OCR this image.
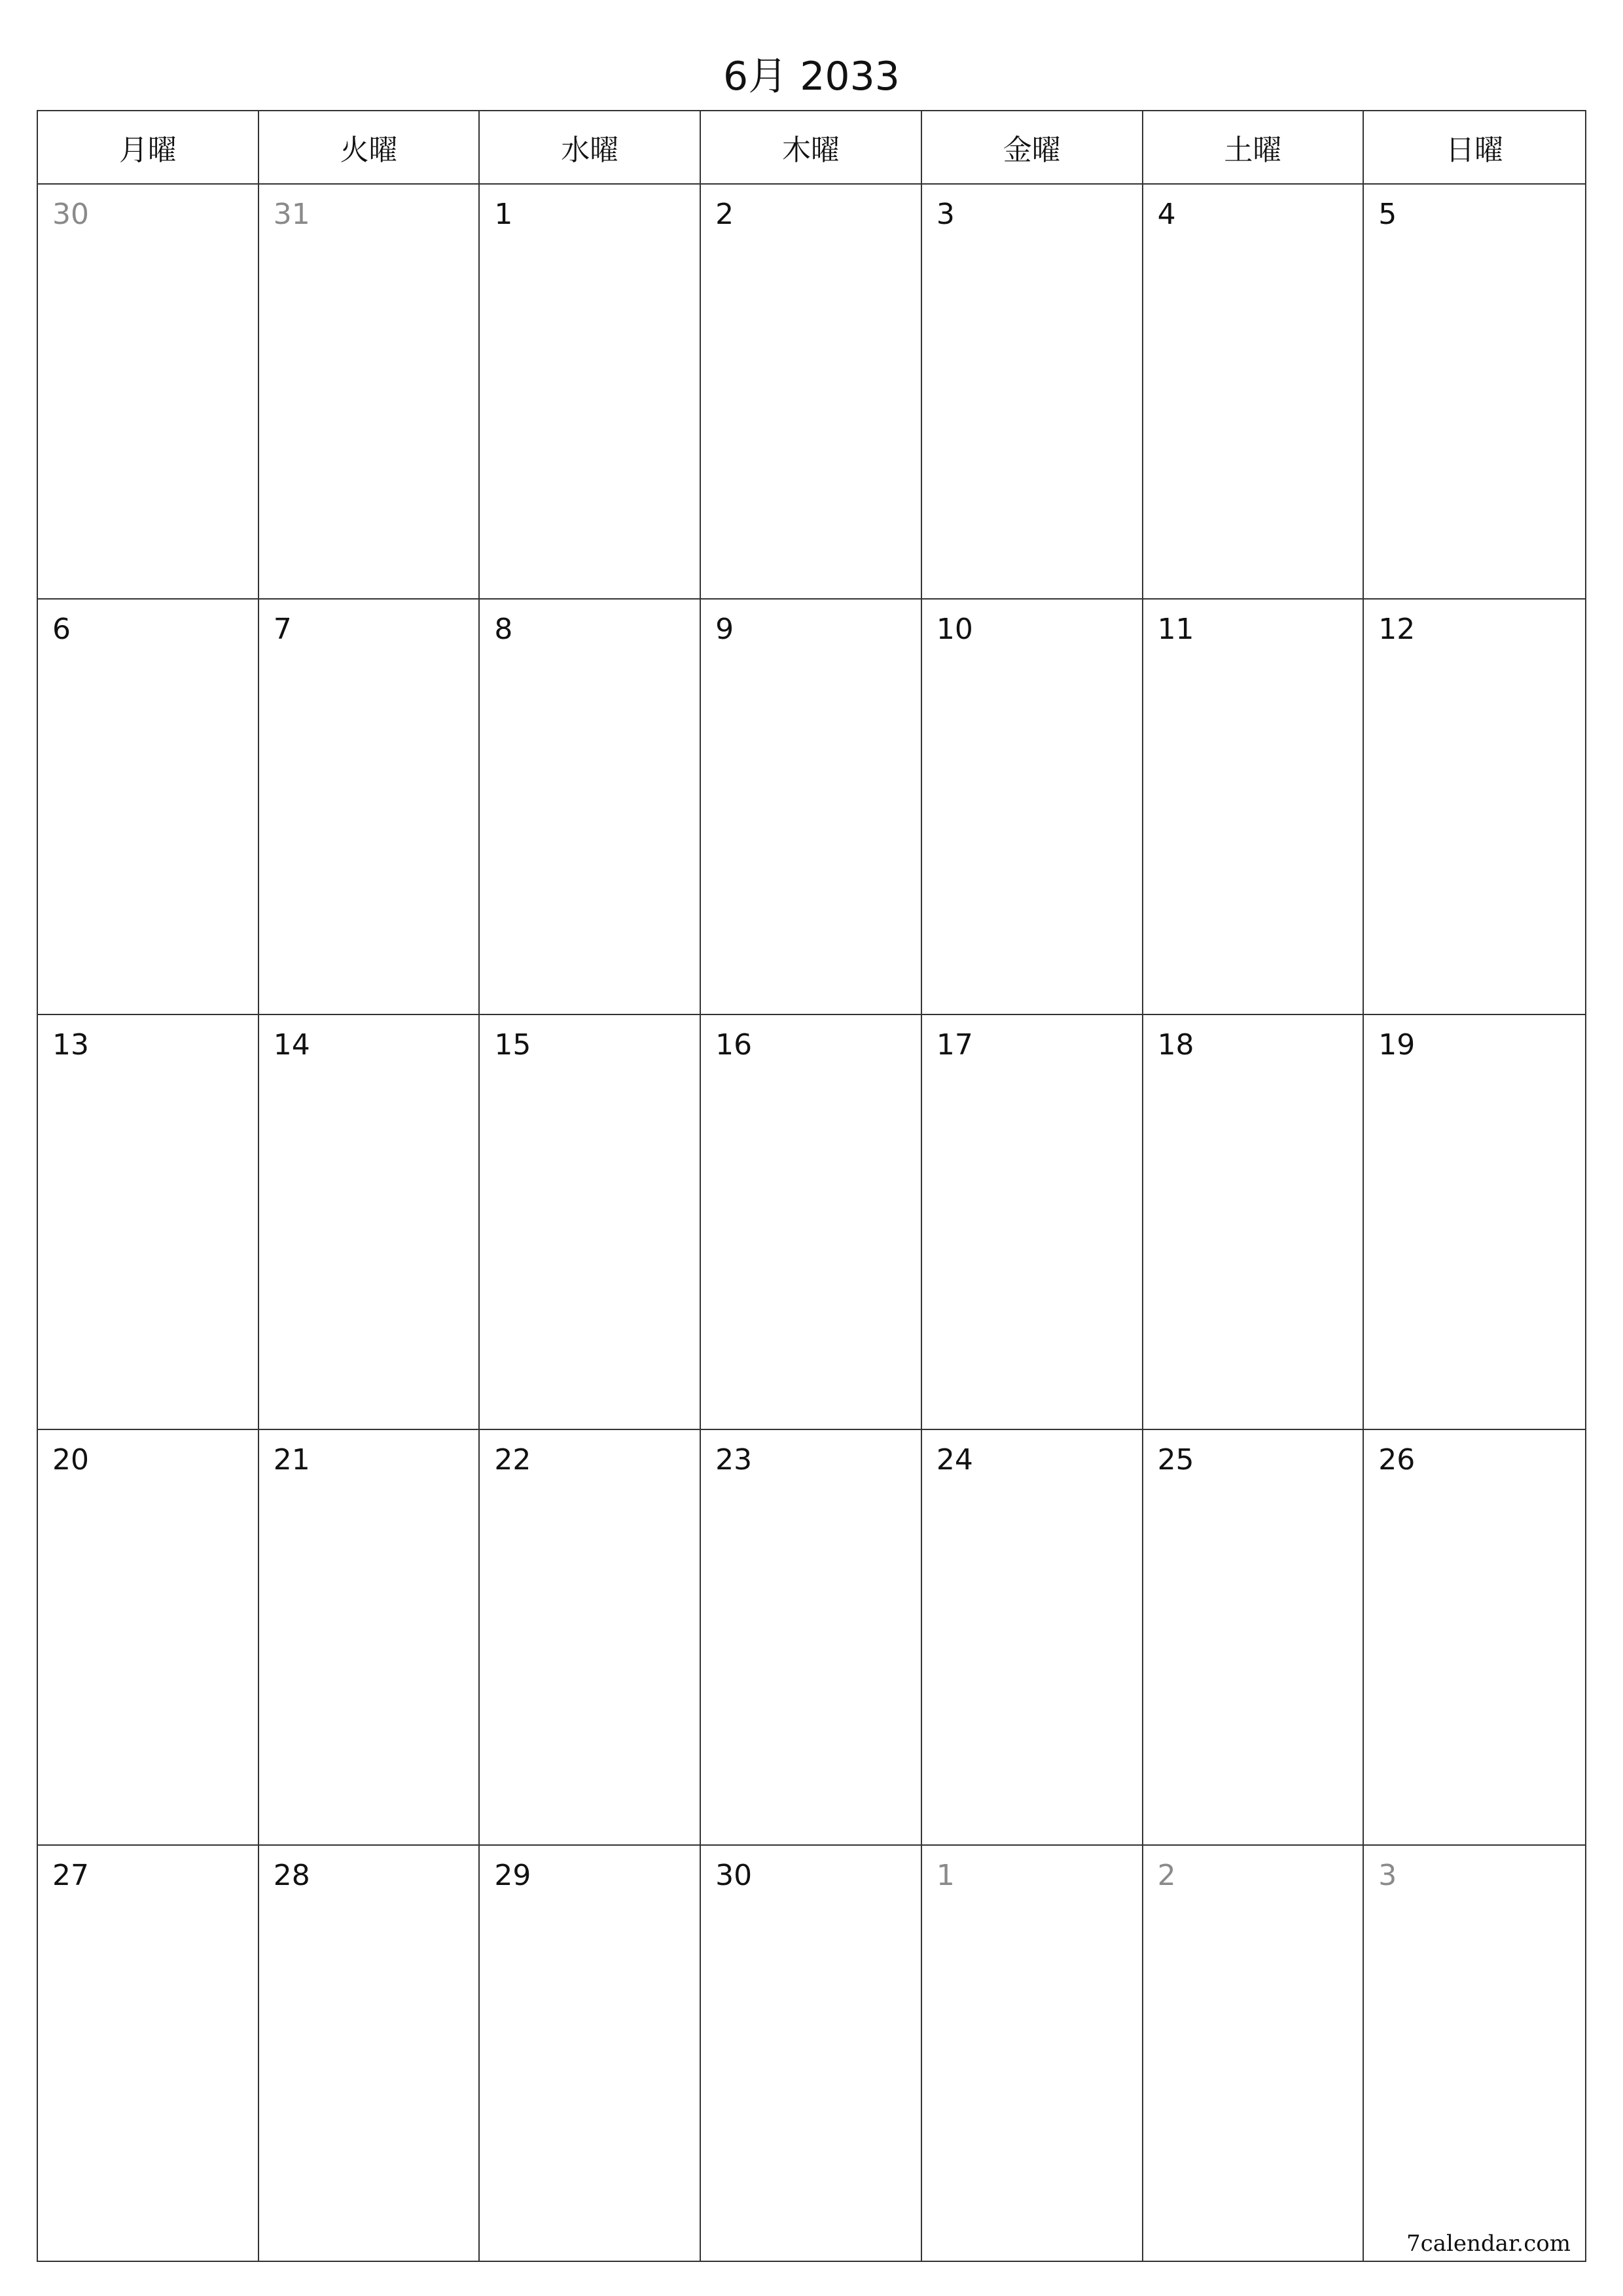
6月 2033
月曜	火曜	水曜	木曜	金曜	土曜	日曜
30	31	1	2	3	4	5
6	7	8	9	10	11	12
13	14	15	16	17	18	19
20	21	22	23	24	25	26
27	28	29	30	1	2	3
7calendar.com
